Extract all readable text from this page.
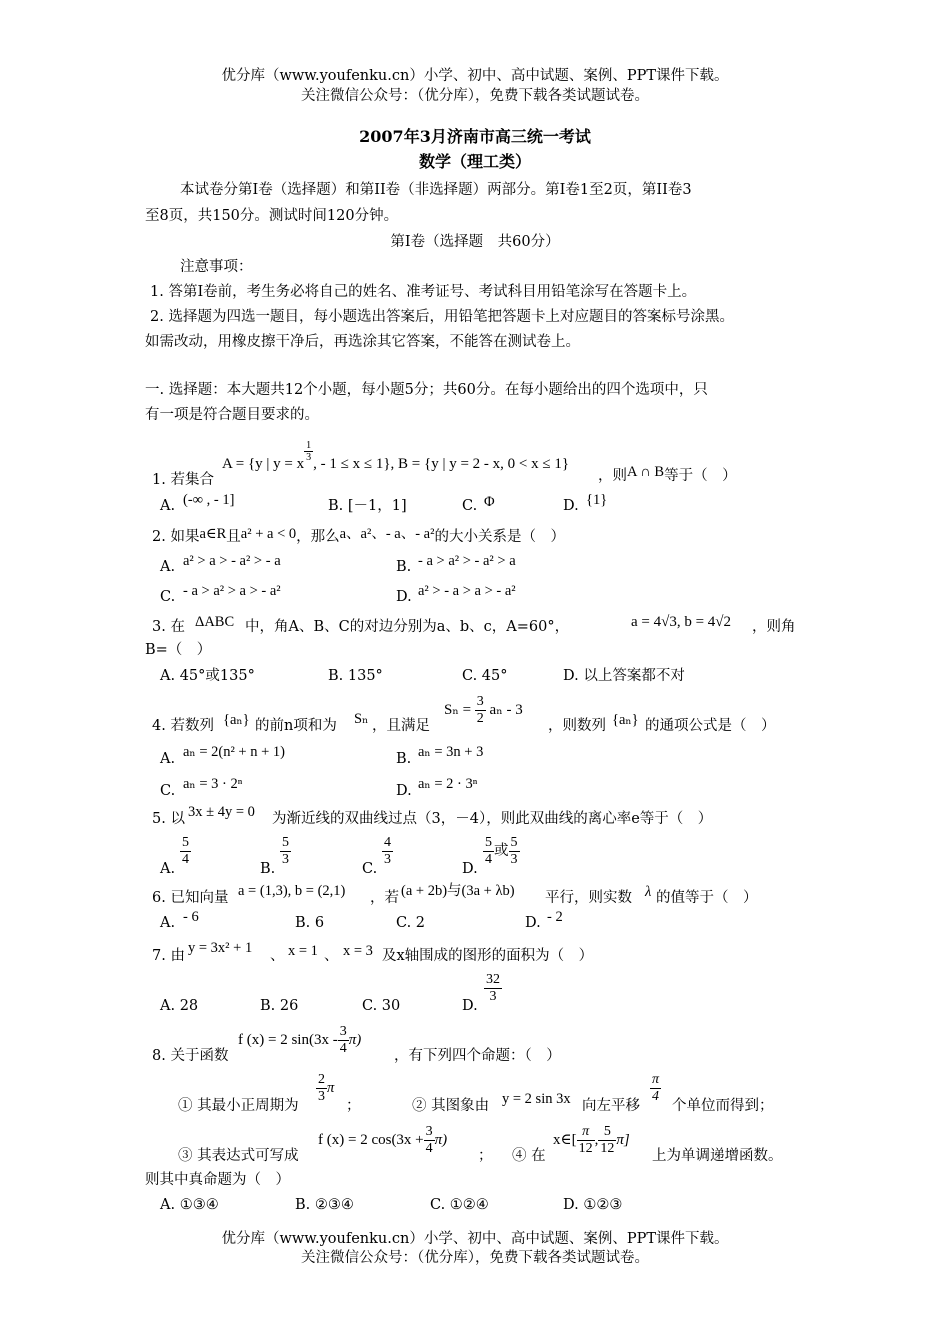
优分库（www.youfenku.cn）小学、初中、高中试题、案例、PPT课件下载。
关注微信公众号：（优分库），免费下载各类试题试卷。
2007年3月济南市高三统一考试
数学（理工类）
本试卷分第I卷（选择题）和第II卷（非选择题）两部分。第I卷1至2页，第II卷3
至8页，共150分。测试时间120分钟。
第I卷（选择题　共60分）
注意事项：
1. 答第I卷前，考生务必将自己的姓名、准考证号、考试科目用铅笔涂写在答题卡上。
2. 选择题为四选一题目，每小题选出答案后，用铅笔把答题卡上对应题目的答案标号涂黑。
如需改动，用橡皮擦干净后，再选涂其它答案，不能答在测试卷上。
一. 选择题：本大题共12个小题，每小题5分；共60分。在每小题给出的四个选项中，只
有一项是符合题目要求的。
A = {y | y = x
$\frac{1}{3}$
, - 1 ≤ x ≤ 1}, B = {y | y = 2 - x, 0 < x ≤ 1}
1. 若集合	，则A ∩ B等于（　）
A. (-∞ , - 1]	B. [－1，1]	C. Φ	D. {1}
2. 如果a∈R且a² + a < 0，那么a、a²、- a、- a²的大小关系是（　）
A. a² > a > - a² > - a	B. - a > a² > - a² > a
C. - a > a² > a > - a²	D. a² > - a > a > - a²
3. 在 ΔABC 中，角A、B、C的对边分别为a、b、c，A=60°，	a = 4√3, b = 4√2 ，则角
B=（　）
A. 45°或135°	B. 135°	C. 45°	D. 以上答案都不对
4. 若数列 {aₙ} 的前n项和为 Sₙ ，且满足
$S_n = \frac{3}{2}$ aₙ - 3
，则数列 {aₙ} 的通项公式是（　）
A. aₙ = 2(n² + n + 1)	B. aₙ = 3n + 3
C. aₙ = 3 · 2ⁿ	D. aₙ = 2 · 3ⁿ
5. 以 3x ± 4y = 0 为渐近线的双曲线过点（3，－4），则此双曲线的离心率e等于（　）
A.
$\frac{5}{4}$
B.
$\frac{5}{3}$
C.
$\frac{4}{3}$
D.
$\frac{5}{4}$ 或 $\frac{5}{3}$
6. 已知向量 a = (1,3), b = (2,1) ，若 (a + 2b)与(3a + λb) 平行，则实数 λ 的值等于（　）
A. - 6	B. 6	C. 2	D. - 2
7. 由 y = 3x² + 1 、 x = 1 、 x = 3 及x轴围成的图形的面积为（　）
A. 28	B. 26	C. 30	D.
$\frac{32}{3}$
8. 关于函数
f (x) = 2 $\sin(3x - \frac{3}{4} \pi)$
，有下列四个命题：（　）
① 其最小正周期为
$\frac{2}{3}$ π
；	② 其图象由 y = 2 sin 3x 向左平移
$\frac{\pi}{4}$
个单位而得到；
③ 其表达式可写成
f (x) = 2 $\cos(3x + \frac{3}{4} \pi)$
； ④ 在
x∈[ $\frac{\pi}{12}$ , $\frac{5}{12} \pi$]
上为单调递增函数。
则其中真命题为（　）
A. ①③④	B. ②③④	C. ①②④	D. ①②③
优分库（www.youfenku.cn）小学、初中、高中试题、案例、PPT课件下载。
关注微信公众号：（优分库），免费下载各类试题试卷。
